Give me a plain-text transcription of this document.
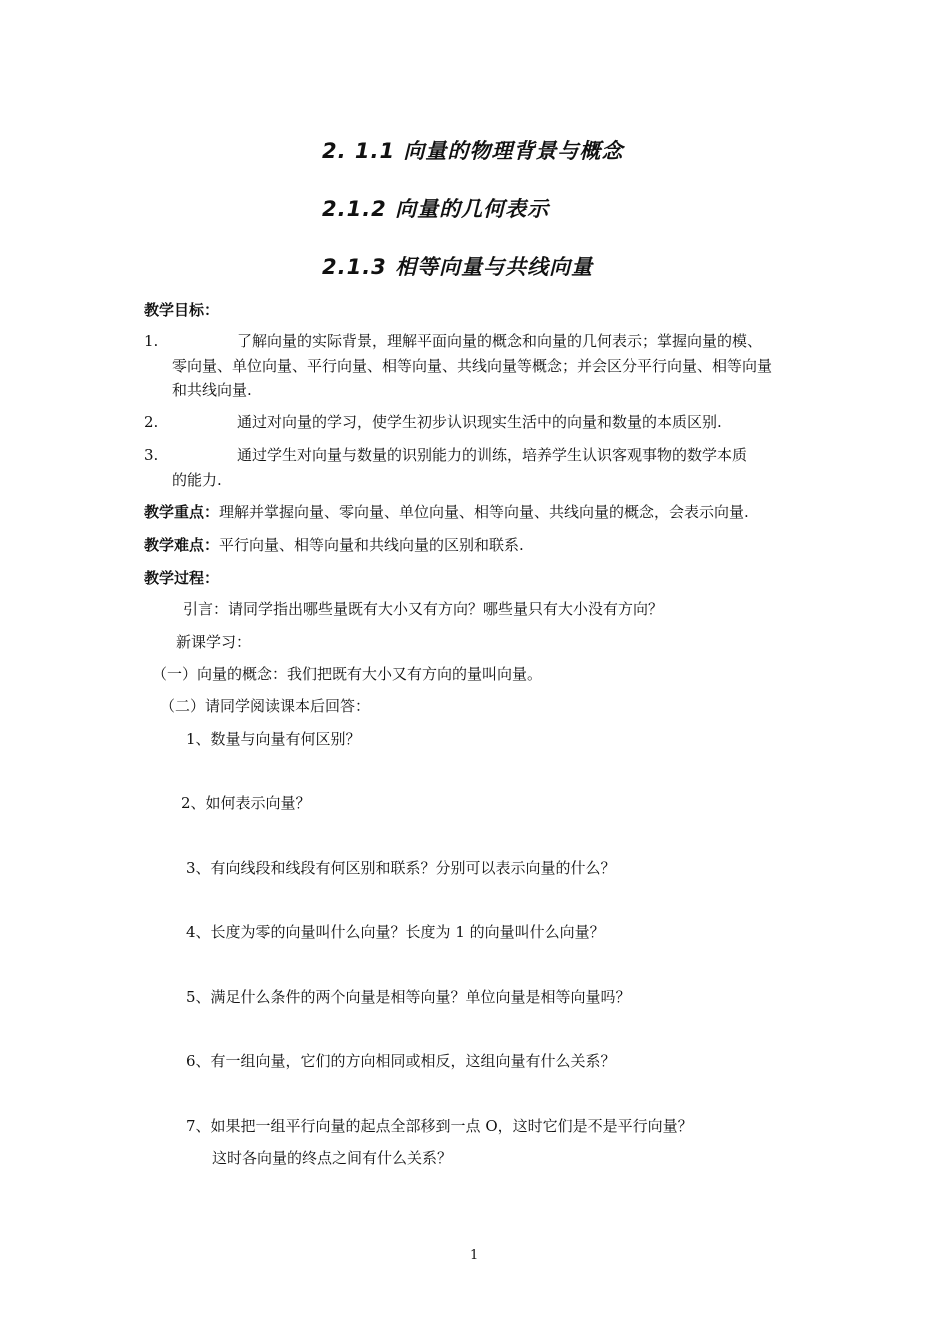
2. 1.1 向量的物理背景与概念
2.1.2 向量的几何表示
2.1.3 相等向量与共线向量
教学目标：
1.	了解向量的实际背景，理解平面向量的概念和向量的几何表示；掌握向量的模、
零向量、单位向量、平行向量、相等向量、共线向量等概念；并会区分平行向量、相等向量
和共线向量.
2.	通过对向量的学习，使学生初步认识现实生活中的向量和数量的本质区别.
3.	通过学生对向量与数量的识别能力的训练，培养学生认识客观事物的数学本质
的能力.
教学重点：理解并掌握向量、零向量、单位向量、相等向量、共线向量的概念，会表示向量.
教学难点：平行向量、相等向量和共线向量的区别和联系.
教学过程：
引言：请同学指出哪些量既有大小又有方向？哪些量只有大小没有方向？
新课学习：
（一）向量的概念：我们把既有大小又有方向的量叫向量。
（二）请同学阅读课本后回答：
1、数量与向量有何区别？
2、如何表示向量？
3、有向线段和线段有何区别和联系？分别可以表示向量的什么？
4、长度为零的向量叫什么向量？长度为 1 的向量叫什么向量？
5、满足什么条件的两个向量是相等向量？单位向量是相等向量吗？
6、有一组向量，它们的方向相同或相反，这组向量有什么关系？
7、如果把一组平行向量的起点全部移到一点 O，这时它们是不是平行向量？
这时各向量的终点之间有什么关系？
1
